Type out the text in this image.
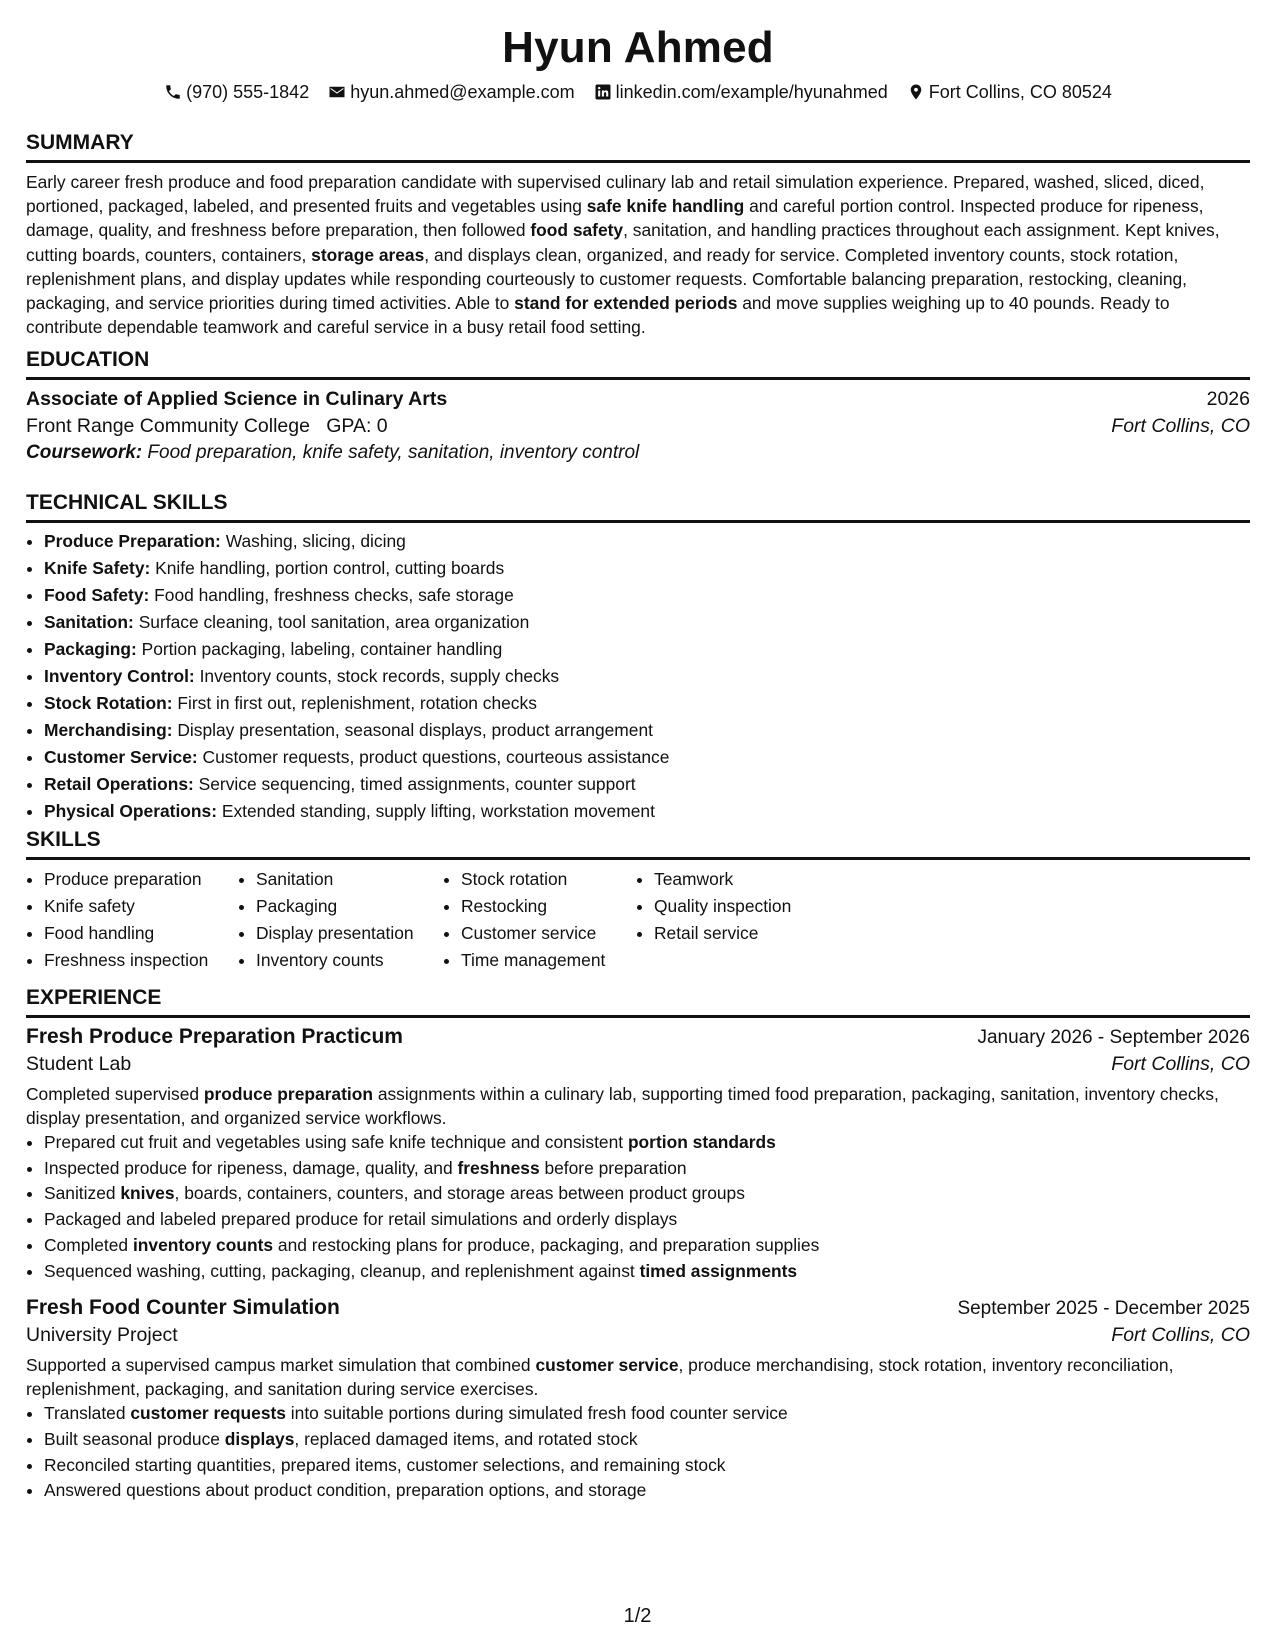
Hyun Ahmed
(970) 555-1842
hyun.ahmed@example.com
linkedin.com/example/hyunahmed
Fort Collins, CO 80524
SUMMARY
Early career fresh produce and food preparation candidate with supervised culinary lab and retail simulation experience. Prepared, washed, sliced, diced, portioned, packaged, labeled, and presented fruits and vegetables using safe knife handling and careful portion control. Inspected produce for ripeness, damage, quality, and freshness before preparation, then followed food safety, sanitation, and handling practices throughout each assignment. Kept knives, cutting boards, counters, containers, storage areas, and displays clean, organized, and ready for service. Completed inventory counts, stock rotation, replenishment plans, and display updates while responding courteously to customer requests. Comfortable balancing preparation, restocking, cleaning, packaging, and service priorities during timed activities. Able to stand for extended periods and move supplies weighing up to 40 pounds. Ready to contribute dependable teamwork and careful service in a busy retail food setting.
EDUCATION
Associate of Applied Science in Culinary Arts	2026
Front Range Community College GPA: 0	Fort Collins, CO
Coursework: Food preparation, knife safety, sanitation, inventory control
TECHNICAL SKILLS
• Produce Preparation: Washing, slicing, dicing
• Knife Safety: Knife handling, portion control, cutting boards
• Food Safety: Food handling, freshness checks, safe storage
• Sanitation: Surface cleaning, tool sanitation, area organization
• Packaging: Portion packaging, labeling, container handling
• Inventory Control: Inventory counts, stock records, supply checks
• Stock Rotation: First in first out, replenishment, rotation checks
• Merchandising: Display presentation, seasonal displays, product arrangement
• Customer Service: Customer requests, product questions, courteous assistance
• Retail Operations: Service sequencing, timed assignments, counter support
• Physical Operations: Extended standing, supply lifting, workstation movement
SKILLS
• Produce preparation
• Knife safety
• Food handling
• Freshness inspection
• Sanitation
• Packaging
• Display presentation
• Inventory counts
• Stock rotation
• Restocking
• Customer service
• Time management
• Teamwork
• Quality inspection
• Retail service
EXPERIENCE
Fresh Produce Preparation Practicum	January 2026 - September 2026
Student Lab	Fort Collins, CO
Completed supervised produce preparation assignments within a culinary lab, supporting timed food preparation, packaging, sanitation, inventory checks, display presentation, and organized service workflows.
• Prepared cut fruit and vegetables using safe knife technique and consistent portion standards
• Inspected produce for ripeness, damage, quality, and freshness before preparation
• Sanitized knives, boards, containers, counters, and storage areas between product groups
• Packaged and labeled prepared produce for retail simulations and orderly displays
• Completed inventory counts and restocking plans for produce, packaging, and preparation supplies
• Sequenced washing, cutting, packaging, cleanup, and replenishment against timed assignments
Fresh Food Counter Simulation	September 2025 - December 2025
University Project	Fort Collins, CO
Supported a supervised campus market simulation that combined customer service, produce merchandising, stock rotation, inventory reconciliation, replenishment, packaging, and sanitation during service exercises.
• Translated customer requests into suitable portions during simulated fresh food counter service
• Built seasonal produce displays, replaced damaged items, and rotated stock
• Reconciled starting quantities, prepared items, customer selections, and remaining stock
• Answered questions about product condition, preparation options, and storage
1/2
